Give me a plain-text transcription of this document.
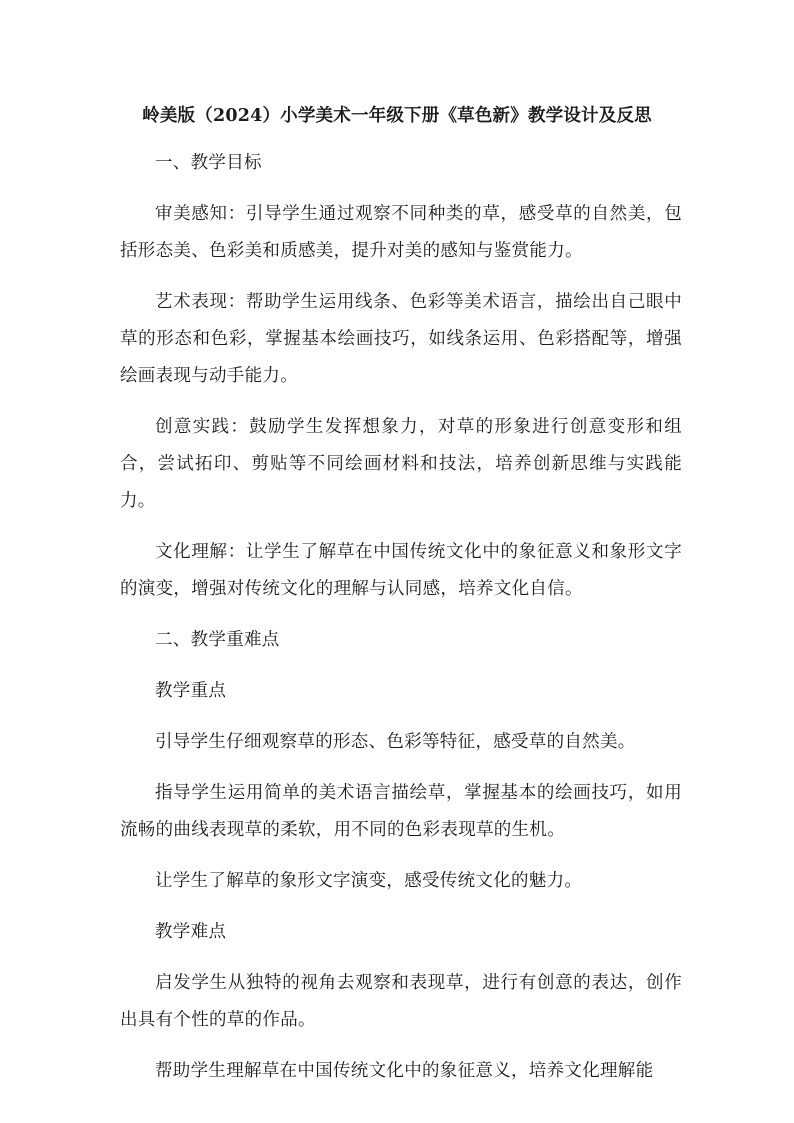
岭美版（2024）小学美术一年级下册《草色新》教学设计及反思

一、教学目标

审美感知：引导学生通过观察不同种类的草，感受草的自然美，包括形态美、色彩美和质感美，提升对美的感知与鉴赏能力。

艺术表现：帮助学生运用线条、色彩等美术语言，描绘出自己眼中草的形态和色彩，掌握基本绘画技巧，如线条运用、色彩搭配等，增强绘画表现与动手能力。

创意实践：鼓励学生发挥想象力，对草的形象进行创意变形和组合，尝试拓印、剪贴等不同绘画材料和技法，培养创新思维与实践能力。

文化理解：让学生了解草在中国传统文化中的象征意义和象形文字的演变，增强对传统文化的理解与认同感，培养文化自信。

二、教学重难点

教学重点

引导学生仔细观察草的形态、色彩等特征，感受草的自然美。

指导学生运用简单的美术语言描绘草，掌握基本的绘画技巧，如用流畅的曲线表现草的柔软，用不同的色彩表现草的生机。

让学生了解草的象形文字演变，感受传统文化的魅力。

教学难点

启发学生从独特的视角去观察和表现草，进行有创意的表达，创作出具有个性的草的作品。

帮助学生理解草在中国传统文化中的象征意义，培养文化理解能
